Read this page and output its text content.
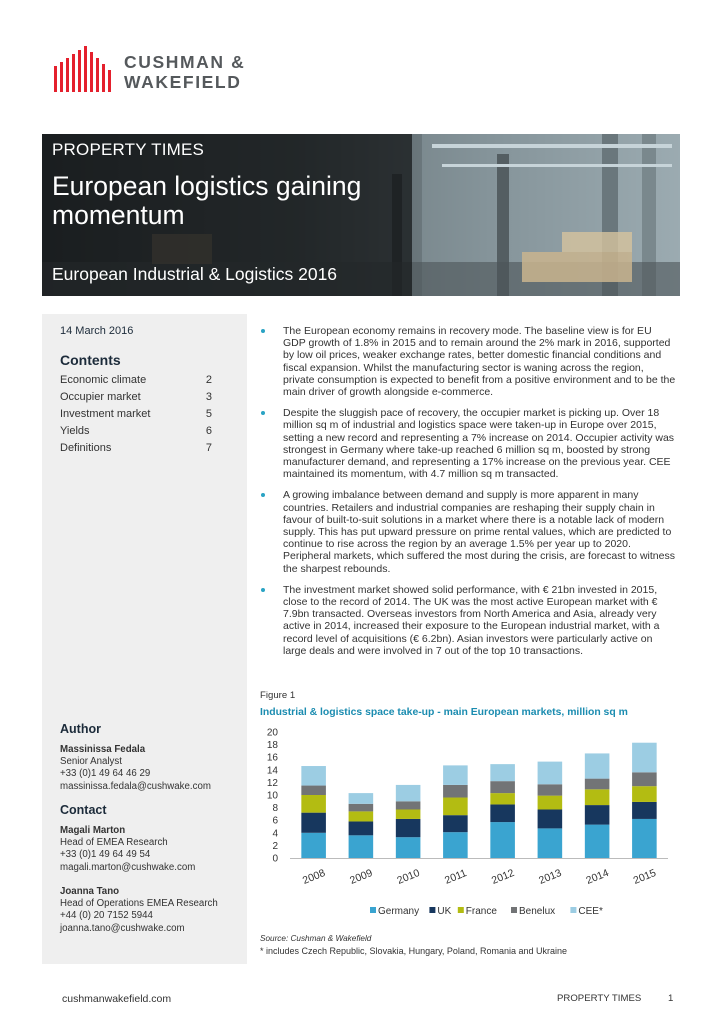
CUSHMAN &
WAKEFIELD
PROPERTY TIMES
European logistics gaining momentum
European Industrial & Logistics 2016
14 March 2016
Contents
Economic climate	2
Occupier market	3
Investment market	5
Yields	6
Definitions	7
Author
Massinissa Fedala
Senior Analyst
+33 (0)1 49 64 46 29
massinissa.fedala@cushwake.com
Contact
Magali Marton
Head of EMEA Research
+33 (0)1 49 64 49 54
magali.marton@cushwake.com
Joanna Tano
Head of Operations EMEA Research
+44 (0) 20 7152 5944
joanna.tano@cushwake.com
The European economy remains in recovery mode. The baseline view is for EU GDP growth of 1.8% in 2015 and to remain around the 2% mark in 2016, supported by low oil prices, weaker exchange rates, better domestic financial conditions and fiscal expansion. Whilst the manufacturing sector is waning across the region, private consumption is expected to benefit from a positive environment and to be the main driver of growth alongside e-commerce.
Despite the sluggish pace of recovery, the occupier market is picking up. Over 18 million sq m of industrial and logistics space were taken-up in Europe over 2015, setting a new record and representing a 7% increase on 2014. Occupier activity was strongest in Germany where take-up reached 6 million sq m, boosted by strong manufacturer demand, and representing a 17% increase on the previous year. CEE maintained its momentum, with 4.7 million sq m transacted.
A growing imbalance between demand and supply is more apparent in many countries. Retailers and industrial companies are reshaping their supply chain in favour of built-to-suit solutions in a market where there is a notable lack of modern supply. This has put upward pressure on prime rental values, which are predicted to continue to rise across the region by an average 1.5% per year up to 2020. Peripheral markets, which suffered the most during the crisis, are forecast to witness the sharpest rebounds.
The investment market showed solid performance, with € 21bn invested in 2015, close to the record of 2014. The UK was the most active European market with € 7.9bn transacted. Overseas investors from North America and Asia, already very active in 2014, increased their exposure to the European industrial market, with a record level of acquisitions (€ 6.2bn). Asian investors were particularly active on large deals and were involved in 7 out of the top 10 transactions.
Figure 1
Industrial & logistics space take-up - main European markets, million sq m
0
2
4
6
8
10
12
14
16
18
20
2008 2009 2010 2011 2012 2013 2014 2015
Germany UK France Benelux CEE*
Source: Cushman & Wakefield
* includes Czech Republic, Slovakia, Hungary, Poland, Romania and Ukraine
cushmanwakefield.com	PROPERTY TIMES	1
